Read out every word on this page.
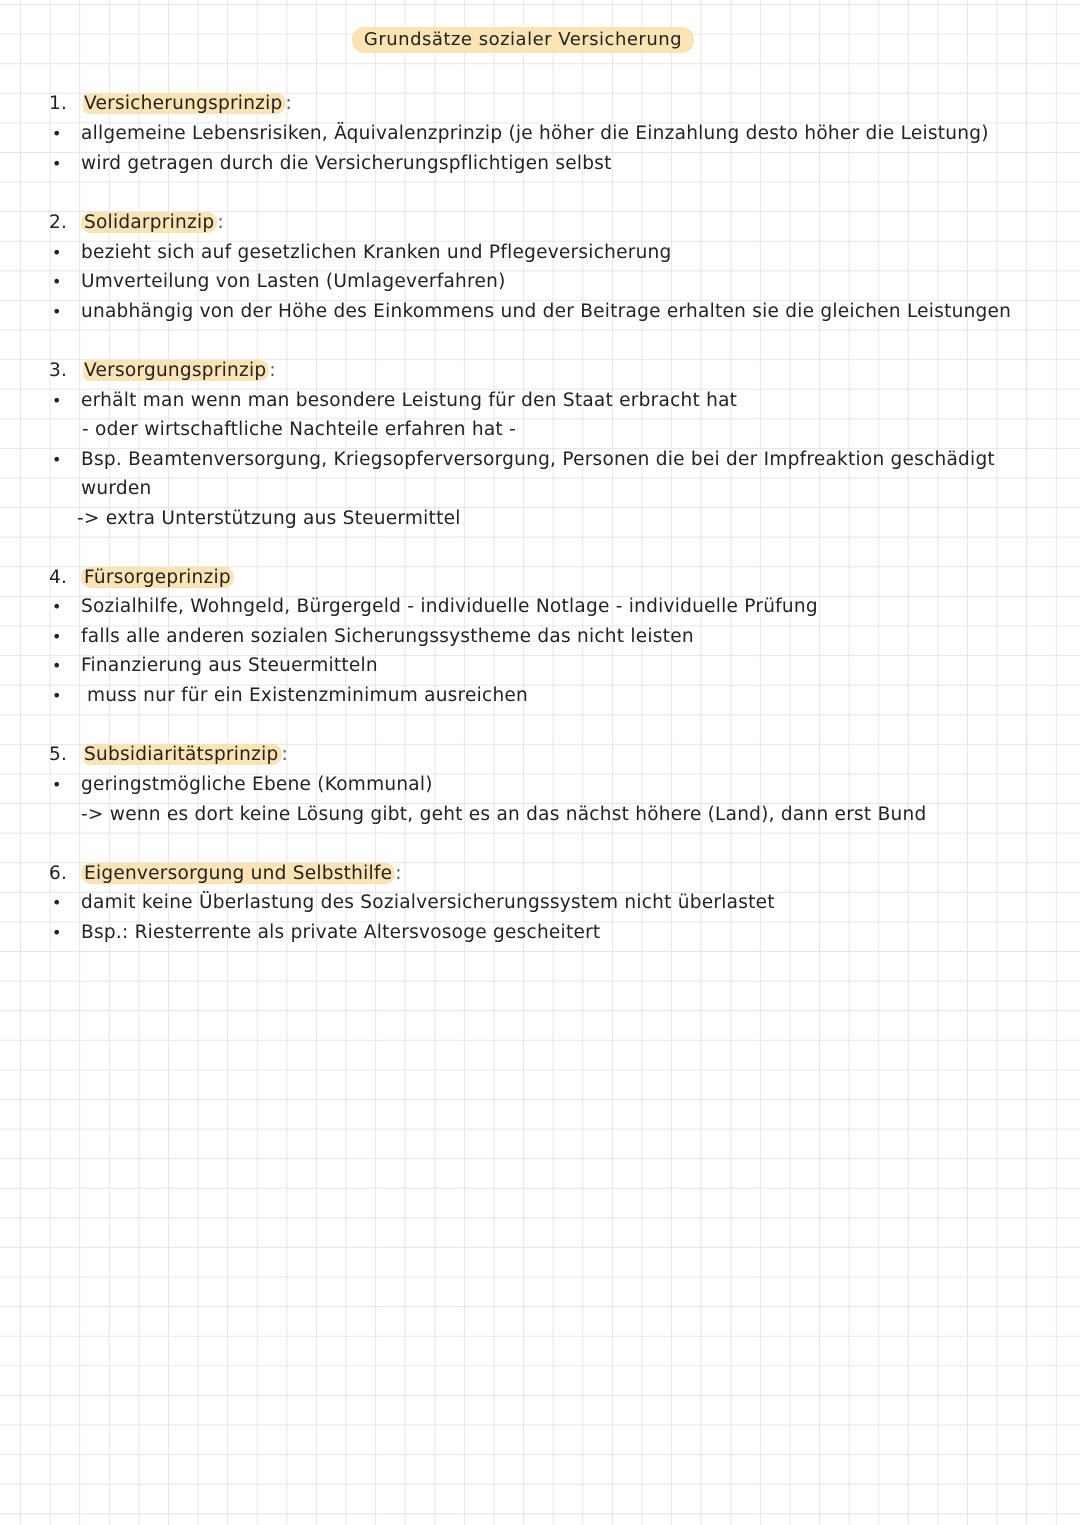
Grundsätze sozialer Versicherung
1. Versicherungsprinzip :
• allgemeine Lebensrisiken, Äquivalenzprinzip (je höher die Einzahlung desto höher die Leistung)
• wird getragen durch die Versicherungspflichtigen selbst
2. Solidarprinzip :
• bezieht sich auf gesetzlichen Kranken und Pflegeversicherung
• Umverteilung von Lasten (Umlageverfahren)
• unabhängig von der Höhe des Einkommens und der Beitrage erhalten sie die gleichen Leistungen
3. Versorgungsprinzip :
• erhält man wenn man besondere Leistung für den Staat erbracht hat
- oder wirtschaftliche Nachteile erfahren hat -
• Bsp. Beamtenversorgung, Kriegsopferversorgung, Personen die bei der Impfreaktion geschädigt
wurden
-> extra Unterstützung aus Steuermittel
4. Fürsorgeprinzip
• Sozialhilfe, Wohngeld, Bürgergeld - individuelle Notlage - individuelle Prüfung
• falls alle anderen sozialen Sicherungssystheme das nicht leisten
• Finanzierung aus Steuermitteln
• muss nur für ein Existenzminimum ausreichen
5. Subsidiaritätsprinzip :
• geringstmögliche Ebene (Kommunal)
-> wenn es dort keine Lösung gibt, geht es an das nächst höhere (Land), dann erst Bund
6. Eigenversorgung und Selbsthilfe :
• damit keine Überlastung des Sozialversicherungssystem nicht überlastet
• Bsp.: Riesterrente als private Altersvosoge gescheitert
